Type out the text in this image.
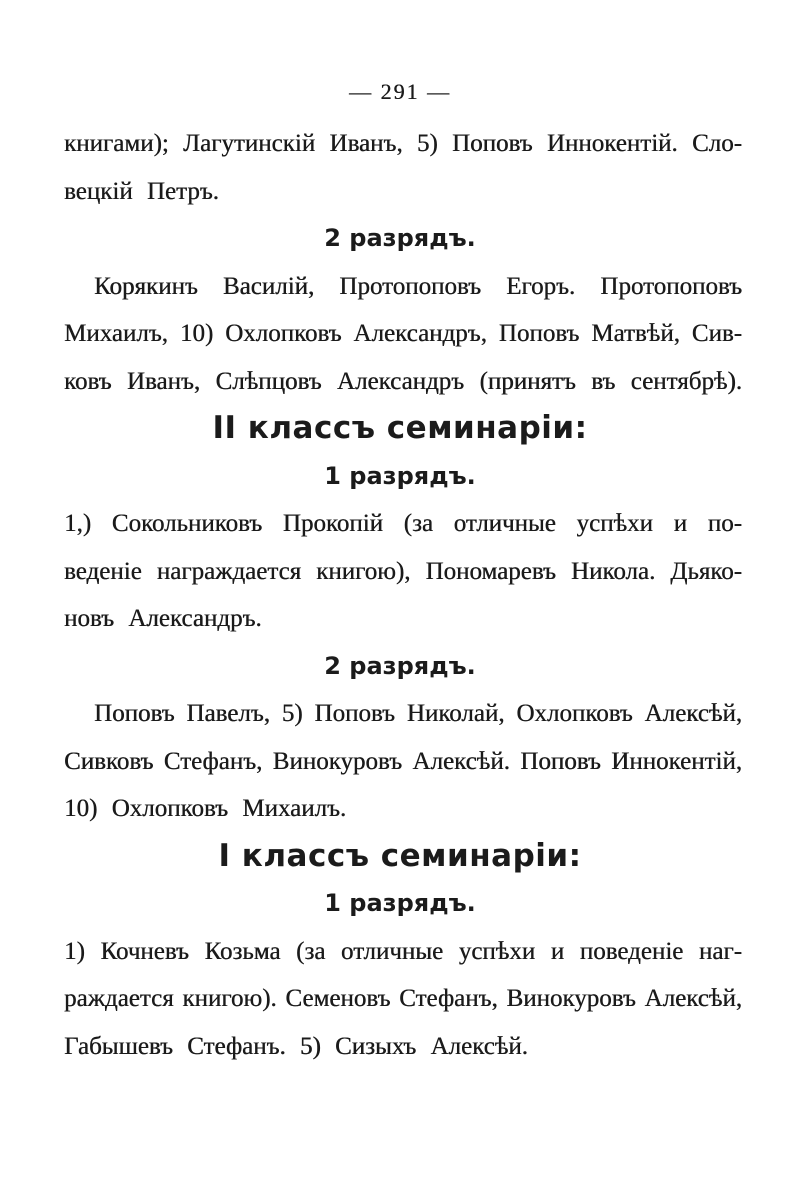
— 291 —
книгами); Лагутинскій Иванъ, 5) Поповъ Иннокентій. Сло-
вецкій Петръ.
2 разрядъ.
Корякинъ Василій, Протопоповъ Егоръ. Протопоповъ
Михаилъ, 10) Охлопковъ Александръ, Поповъ Матвѣй, Сив-
ковъ Иванъ, Слѣпцовъ Александръ (принятъ въ сентябрѣ).
II классъ семинаріи:
1 разрядъ.
1,) Сокольниковъ Прокопій (за отличные успѣхи и по-
веденіе награждается книгою), Пономаревъ Никола. Дьяко-
новъ Александръ.
2 разрядъ.
Поповъ Павелъ, 5) Поповъ Николай, Охлопковъ Алексѣй,
Сивковъ Стефанъ, Винокуровъ Алексѣй. Поповъ Иннокентій,
10) Охлопковъ Михаилъ.
I классъ семинаріи:
1 разрядъ.
1) Кочневъ Козьма (за отличные успѣхи и поведеніе наг-
раждается книгою). Семеновъ Стефанъ, Винокуровъ Алексѣй,
Габышевъ Стефанъ. 5) Сизыхъ Алексѣй.
